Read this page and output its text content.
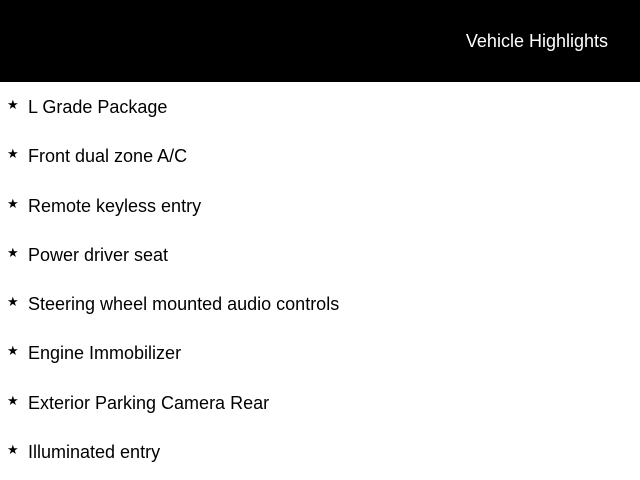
Vehicle Highlights
★ L Grade Package
★ Front dual zone A/C
★ Remote keyless entry
★ Power driver seat
★ Steering wheel mounted audio controls
★ Engine Immobilizer
★ Exterior Parking Camera Rear
★ Illuminated entry
